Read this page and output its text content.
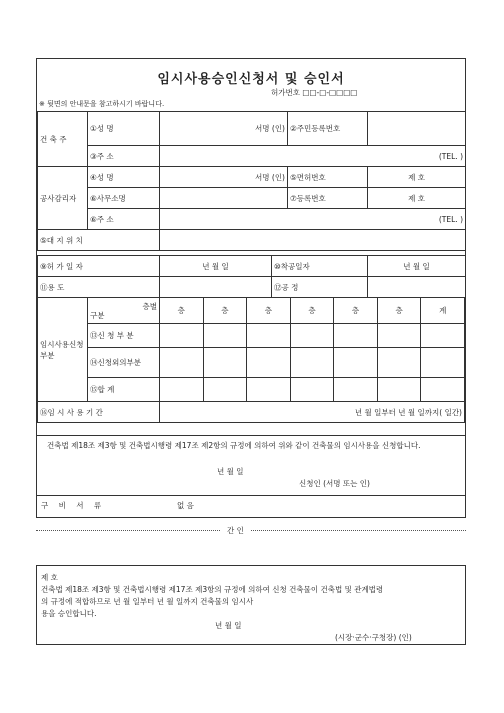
임시사용승인신청서 및 승인서
허가번호 □□-□-□□□□
※ 뒷면의 안내문을 참고하시기 바랍니다.
건 축 주	①성 명	서명 (인)	②주민등록번호	
	③주 소	(TEL. )		
공사감리자	④성 명	서명 (인)	⑤면허번호	제 호
	⑥사무소명		⑦등록번호	제 호
	⑥주 소	(TEL. )		
⑤대 지 위 치				
⑨허 가 일 자	년 월 일	⑩착공일자	년 월 일
⑪용 도		⑫공 정	
임시사용신청부분	층별

구분	층	층	층	층	층	층	계
	⑬신 청 부 분							
	⑭신청외의부분							
	⑮합 계							
⑯임 시 사 용 기 간		년 월 일부터 년 월 일까지( 일간)						
건축법 제18조 제3항 및 건축법시행령 제17조 제2항의 규정에 의하여 위와 같이 건축물의 임시사용을 신청합니다.
년 월 일
신청인 (서명 또는 인)
구 비 서 류	없 음
간 인

제 호

건축법 제18조 제3항 및 건축법시행령 제17조 제3항의 규정에 의하여 신청 건축물이 건축법 및 관계법령

의 규정에 적합하므로 년 월 일부터 년 월 일까지 건축물의 임시사

용을 승인합니다.

년 월 일

(시장·군수·구청장) (인)
